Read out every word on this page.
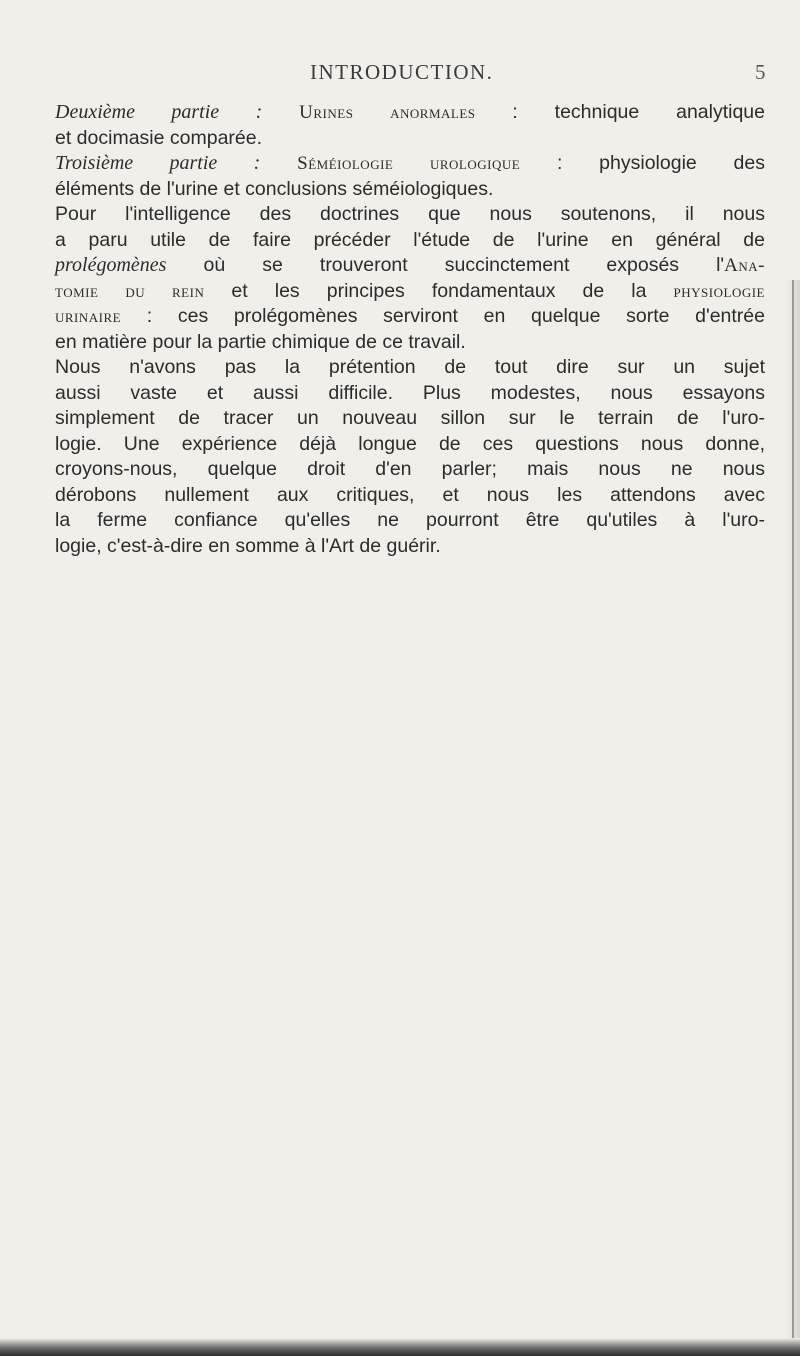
INTRODUCTION.	5

Deuxième partie : Urines anormales : technique analytique
et docimasie comparée.

Troisième partie : Séméiologie urologique : physiologie des
éléments de l'urine et conclusions séméiologiques.

Pour l'intelligence des doctrines que nous soutenons, il nous
a paru utile de faire précéder l'étude de l'urine en général de
prolégomènes où se trouveront succinctement exposés l'Ana-
tomie du rein et les principes fondamentaux de la physiologie
urinaire : ces prolégomènes serviront en quelque sorte d'entrée
en matière pour la partie chimique de ce travail.

Nous n'avons pas la prétention de tout dire sur un sujet
aussi vaste et aussi difficile. Plus modestes, nous essayons
simplement de tracer un nouveau sillon sur le terrain de l'uro-
logie. Une expérience déjà longue de ces questions nous donne,
croyons-nous, quelque droit d'en parler; mais nous ne nous
dérobons nullement aux critiques, et nous les attendons avec
la ferme confiance qu'elles ne pourront être qu'utiles à l'uro-
logie, c'est-à-dire en somme à l'Art de guérir.
